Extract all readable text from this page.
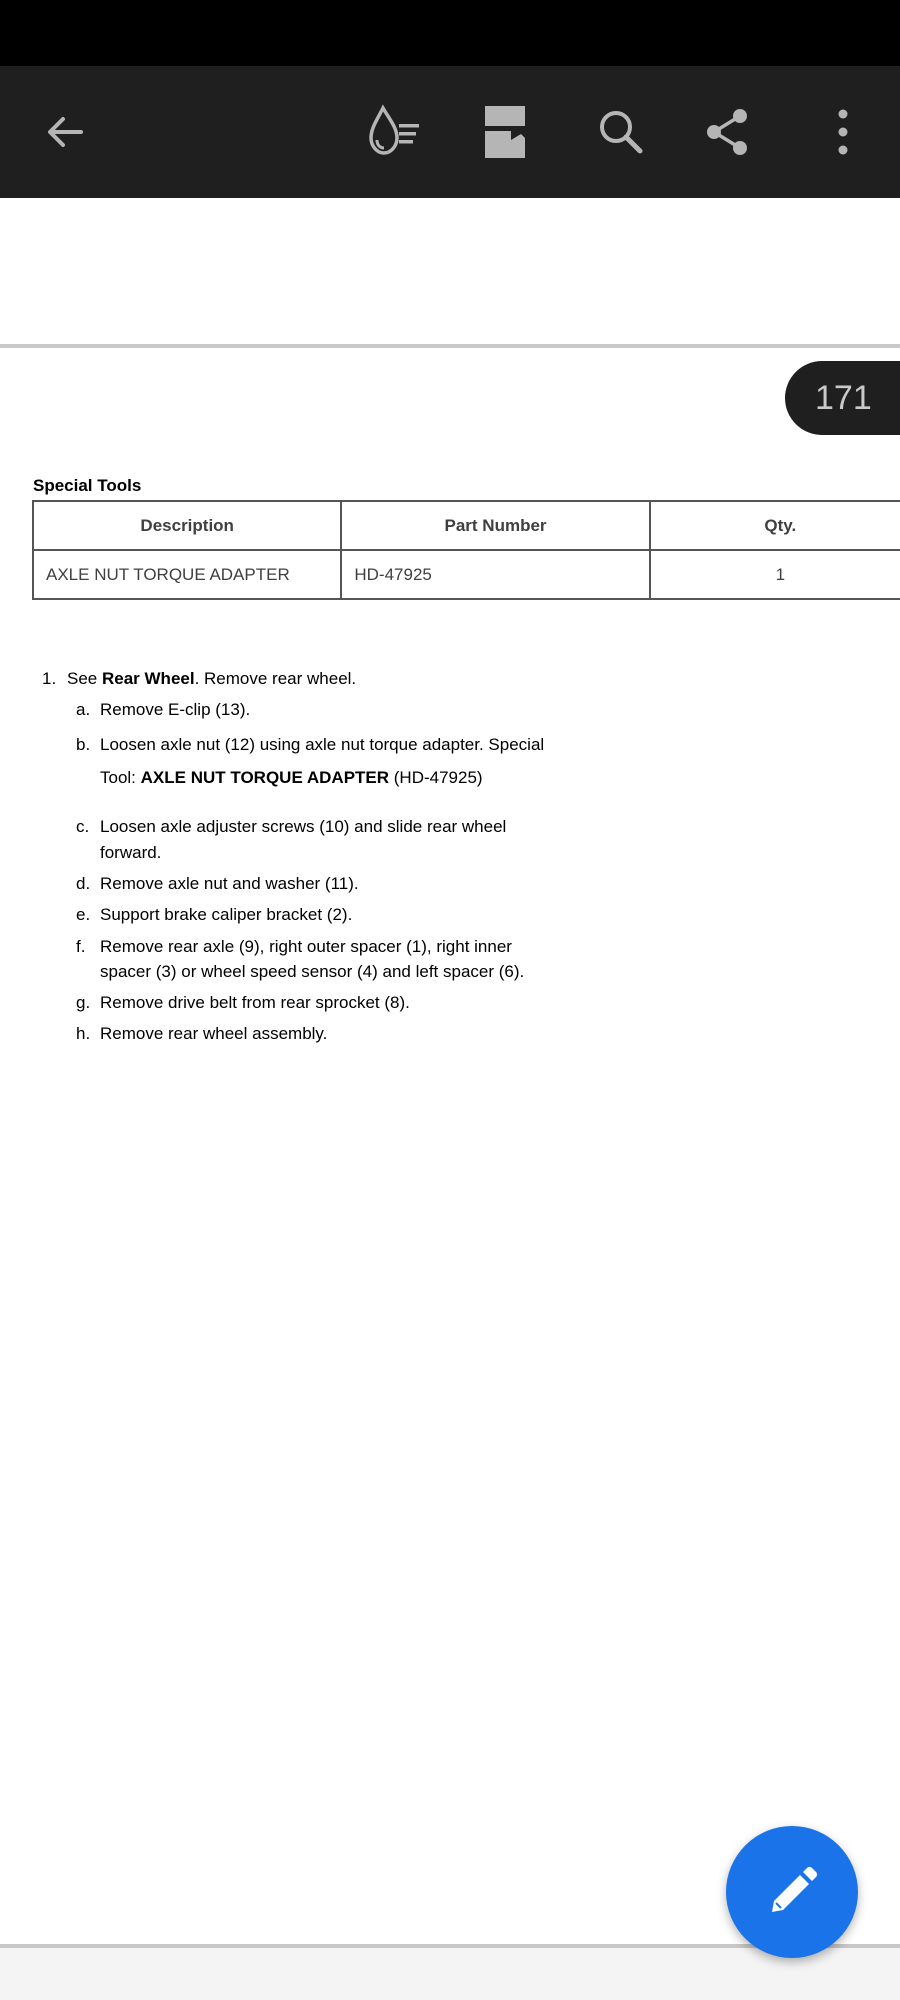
171
Special Tools
Description	Part Number	Qty.
AXLE NUT TORQUE ADAPTER	HD-47925	1
1. See Rear Wheel. Remove rear wheel.
a. Remove E-clip (13).
b. Loosen axle nut (12) using axle nut torque adapter. Special
Tool: AXLE NUT TORQUE ADAPTER (HD-47925)
c. Loosen axle adjuster screws (10) and slide rear wheel
forward.
d. Remove axle nut and washer (11).
e. Support brake caliper bracket (2).
f. Remove rear axle (9), right outer spacer (1), right inner
spacer (3) or wheel speed sensor (4) and left spacer (6).
g. Remove drive belt from rear sprocket (8).
h. Remove rear wheel assembly.
